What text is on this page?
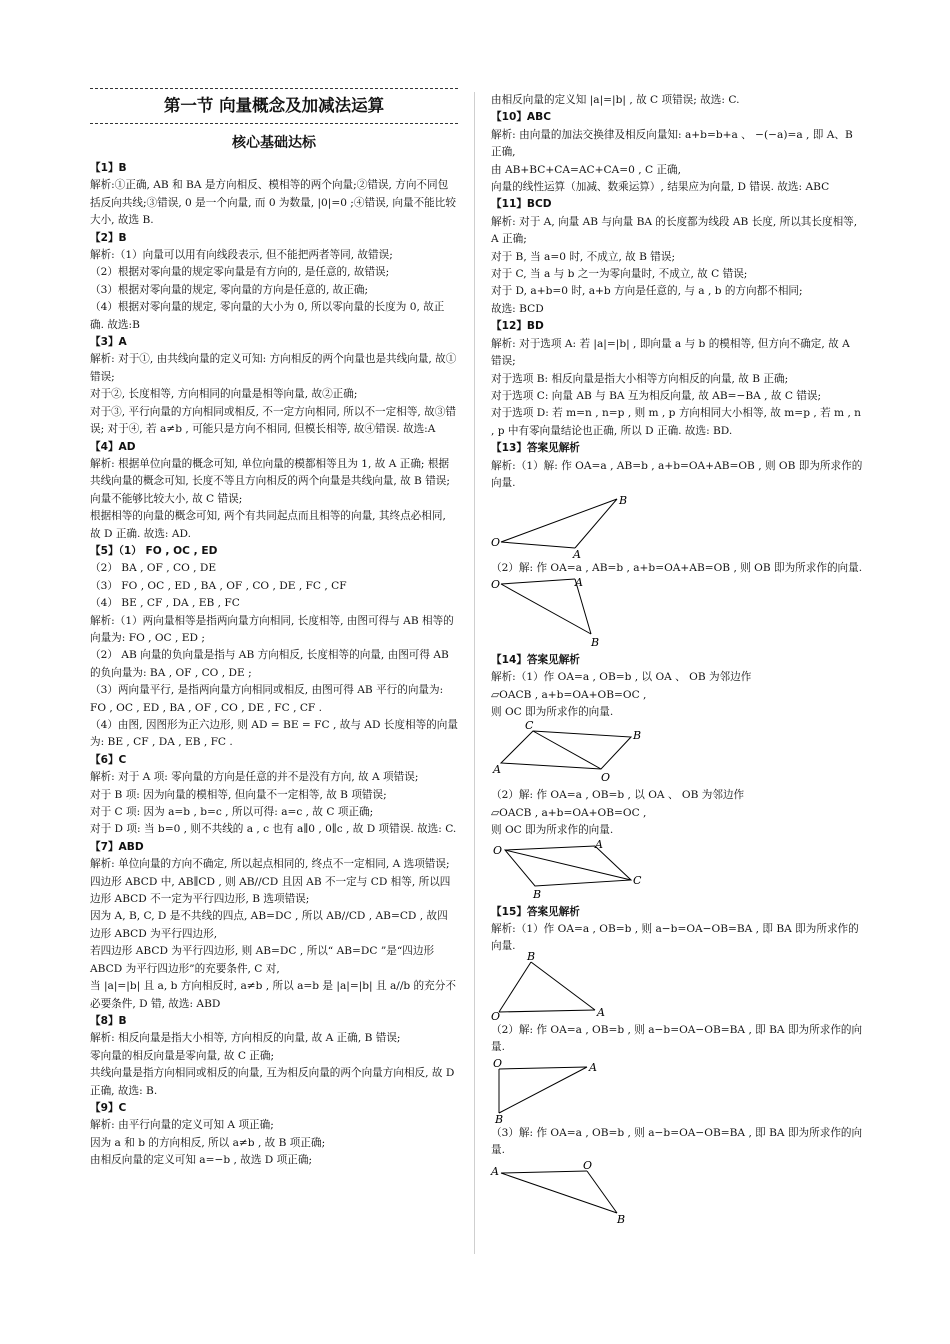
第一节 向量概念及加减法运算
核心基础达标
【1】B
解析:①正确, AB 和 BA 是方向相反、模相等的两个向量;②错误, 方向不同包括反向共线;③错误, 0 是一个向量, 而 0 为数量, |0|=0 ;④错误, 向量不能比较大小, 故选 B.
【2】B
解析:（1）向量可以用有向线段表示, 但不能把两者等同, 故错误;
（2）根据对零向量的规定零向量是有方向的, 是任意的, 故错误;
（3）根据对零向量的规定, 零向量的方向是任意的, 故正确;
（4）根据对零向量的规定, 零向量的大小为 0, 所以零向量的长度为 0, 故正确. 故选:B
【3】A
解析: 对于①, 由共线向量的定义可知: 方向相反的两个向量也是共线向量, 故①错误;
对于②, 长度相等, 方向相同的向量是相等向量, 故②正确;
对于③, 平行向量的方向相同或相反, 不一定方向相同, 所以不一定相等, 故③错误; 对于④, 若 a≠b , 可能只是方向不相同, 但模长相等, 故④错误. 故选:A
【4】AD
解析: 根据单位向量的概念可知, 单位向量的模都相等且为 1, 故 A 正确; 根据共线向量的概念可知, 长度不等且方向相反的两个向量是共线向量, 故 B 错误;
向量不能够比较大小, 故 C 错误;
根据相等的向量的概念可知, 两个有共同起点而且相等的向量, 其终点必相同, 故 D 正确. 故选: AD.
【5】（1） FO , OC , ED
（2） BA , OF , CO , DE
（3） FO , OC , ED , BA , OF , CO , DE , FC , CF
（4） BE , CF , DA , EB , FC
解析:（1）两向量相等是指两向量方向相同, 长度相等, 由图可得与 AB 相等的向量为: FO , OC , ED ;
（2） AB 向量的负向量是指与 AB 方向相反, 长度相等的向量, 由图可得 AB 的负向量为: BA , OF , CO , DE ;
（3）两向量平行, 是指两向量方向相同或相反, 由图可得 AB 平行的向量为: FO , OC , ED , BA , OF , CO , DE , FC , CF .
（4）由图, 因图形为正六边形, 则 AD = BE = FC , 故与 AD 长度相等的向量为: BE , CF , DA , EB , FC .
【6】C
解析: 对于 A 项: 零向量的方向是任意的并不是没有方向, 故 A 项错误;
对于 B 项: 因为向量的模相等, 但向量不一定相等, 故 B 项错误;
对于 C 项: 因为 a=b , b=c , 所以可得: a=c , 故 C 项正确;
对于 D 项: 当 b=0 , 则不共线的 a , c 也有 a∥0 , 0∥c , 故 D 项错误. 故选: C.
【7】ABD
解析: 单位向量的方向不确定, 所以起点相同的, 终点不一定相同, A 选项错误;
四边形 ABCD 中, AB∥CD , 则 AB//CD 且因 AB 不一定与 CD 相等, 所以四边形 ABCD 不一定为平行四边形, B 选项错误;
因为 A, B, C, D 是不共线的四点, AB=DC , 所以 AB//CD , AB=CD , 故四边形 ABCD 为平行四边形,
若四边形 ABCD 为平行四边形, 则 AB=DC , 所以“ AB=DC ”是“四边形 ABCD 为平行四边形”的充要条件, C 对,
当 |a|=|b| 且 a, b 方向相反时, a≠b , 所以 a=b 是 |a|=|b| 且 a//b 的充分不必要条件, D 错, 故选: ABD
【8】B
解析: 相反向量是指大小相等, 方向相反的向量, 故 A 正确, B 错误;
零向量的相反向量是零向量, 故 C 正确;
共线向量是指方向相同或相反的向量, 互为相反向量的两个向量方向相反, 故 D 正确, 故选: B.
【9】C
解析: 由平行向量的定义可知 A 项正确;
因为 a 和 b 的方向相反, 所以 a≠b , 故 B 项正确;
由相反向量的定义可知 a=−b , 故选 D 项正确;
由相反向量的定义知 |a|=|b| , 故 C 项错误; 故选: C.
【10】ABC
解析: 由向量的加法交换律及相反向量知: a+b=b+a 、 −(−a)=a , 即 A、B 正确,
由 AB+BC+CA=AC+CA=0 , C 正确,
向量的线性运算（加减、数乘运算）, 结果应为向量, D 错误. 故选: ABC
【11】BCD
解析: 对于 A, 向量 AB 与向量 BA 的长度都为线段 AB 长度, 所以其长度相等, A 正确;
对于 B, 当 a=0 时, 不成立, 故 B 错误;
对于 C, 当 a 与 b 之一为零向量时, 不成立, 故 C 错误;
对于 D, a+b=0 时, a+b 方向是任意的, 与 a , b 的方向都不相同;
故选: BCD
【12】BD
解析: 对于选项 A: 若 |a|=|b| , 即向量 a 与 b 的模相等, 但方向不确定, 故 A 错误;
对于选项 B: 相反向量是指大小相等方向相反的向量, 故 B 正确;
对于选项 C: 向量 AB 与 BA 互为相反向量, 故 AB=−BA , 故 C 错误;
对于选项 D: 若 m=n , n=p , 则 m , p 方向相同大小相等, 故 m=p , 若 m , n , p 中有零向量结论也正确, 所以 D 正确. 故选: BD.
【13】答案见解析
解析:（1）解: 作 OA=a , AB=b , a+b=OA+AB=OB , 则 OB 即为所求作的向量.
B
O
A
（2）解: 作 OA=a , AB=b , a+b=OA+AB=OB , 则 OB 即为所求作的向量.
O	A
B
【14】答案见解析
解析:（1）作 OA=a , OB=b , 以 OA 、 OB 为邻边作
▱OACB , a+b=OA+OB=OC ,
则 OC 即为所求作的向量.
C
B
A
O
（2）解: 作 OA=a , OB=b , 以 OA 、 OB 为邻边作
▱OACB , a+b=OA+OB=OC ,
则 OC 即为所求作的向量.
O	A
B
C
【15】答案见解析
解析:（1）作 OA=a , OB=b , 则 a−b=OA−OB=BA , 即 BA 即为所求作的向量.
B
O	A
（2）解: 作 OA=a , OB=b , 则 a−b=OA−OB=BA , 即 BA 即为所求作的向量.
O	A
B
（3）解: 作 OA=a , OB=b , 则 a−b=OA−OB=BA , 即 BA 即为所求作的向量.
A	O
B
